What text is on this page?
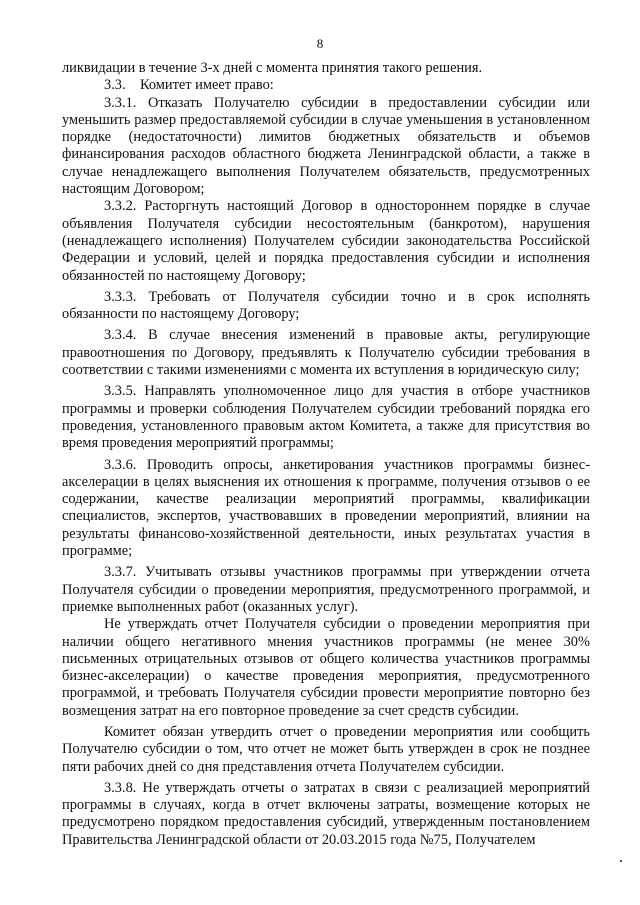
8

ликвидации в течение 3-х дней с момента принятия такого решения.

3.3. Комитет имеет право:

3.3.1. Отказать Получателю субсидии в предоставлении субсидии или уменьшить размер предоставляемой субсидии в случае уменьшения в установленном порядке (недостаточности) лимитов бюджетных обязательств и объемов финансирования расходов областного бюджета Ленинградской области, а также в случае ненадлежащего выполнения Получателем обязательств, предусмотренных настоящим Договором;

3.3.2. Расторгнуть настоящий Договор в одностороннем порядке в случае объявления Получателя субсидии несостоятельным (банкротом), нарушения (ненадлежащего исполнения) Получателем субсидии законодательства Российской Федерации и условий, целей и порядка предоставления субсидии и исполнения обязанностей по настоящему Договору;

3.3.3. Требовать от Получателя субсидии точно и в срок исполнять обязанности по настоящему Договору;

3.3.4. В случае внесения изменений в правовые акты, регулирующие правоотношения по Договору, предъявлять к Получателю субсидии требования в соответствии с такими изменениями с момента их вступления в юридическую силу;

3.3.5. Направлять уполномоченное лицо для участия в отборе участников программы и проверки соблюдения Получателем субсидии требований порядка его проведения, установленного правовым актом Комитета, а также для присутствия во время проведения мероприятий программы;

3.3.6. Проводить опросы, анкетирования участников программы бизнес-акселерации в целях выяснения их отношения к программе, получения отзывов о ее содержании, качестве реализации мероприятий программы, квалификации специалистов, экспертов, участвовавших в проведении мероприятий, влиянии на результаты финансово-хозяйственной деятельности, иных результатах участия в программе;

3.3.7. Учитывать отзывы участников программы при утверждении отчета Получателя субсидии о проведении мероприятия, предусмотренного программой, и приемке выполненных работ (оказанных услуг).

Не утверждать отчет Получателя субсидии о проведении мероприятия при наличии общего негативного мнения участников программы (не менее 30% письменных отрицательных отзывов от общего количества участников программы бизнес-акселерации) о качестве проведения мероприятия, предусмотренного программой, и требовать Получателя субсидии провести мероприятие повторно без возмещения затрат на его повторное проведение за счет средств субсидии.

Комитет обязан утвердить отчет о проведении мероприятия или сообщить Получателю субсидии о том, что отчет не может быть утвержден в срок не позднее пяти рабочих дней со дня представления отчета Получателем субсидии.

3.3.8. Не утверждать отчеты о затратах в связи с реализацией мероприятий программы в случаях, когда в отчет включены затраты, возмещение которых не предусмотрено порядком предоставления субсидий, утвержденным постановлением Правительства Ленинградской области от 20.03.2015 года №75, Получателем
